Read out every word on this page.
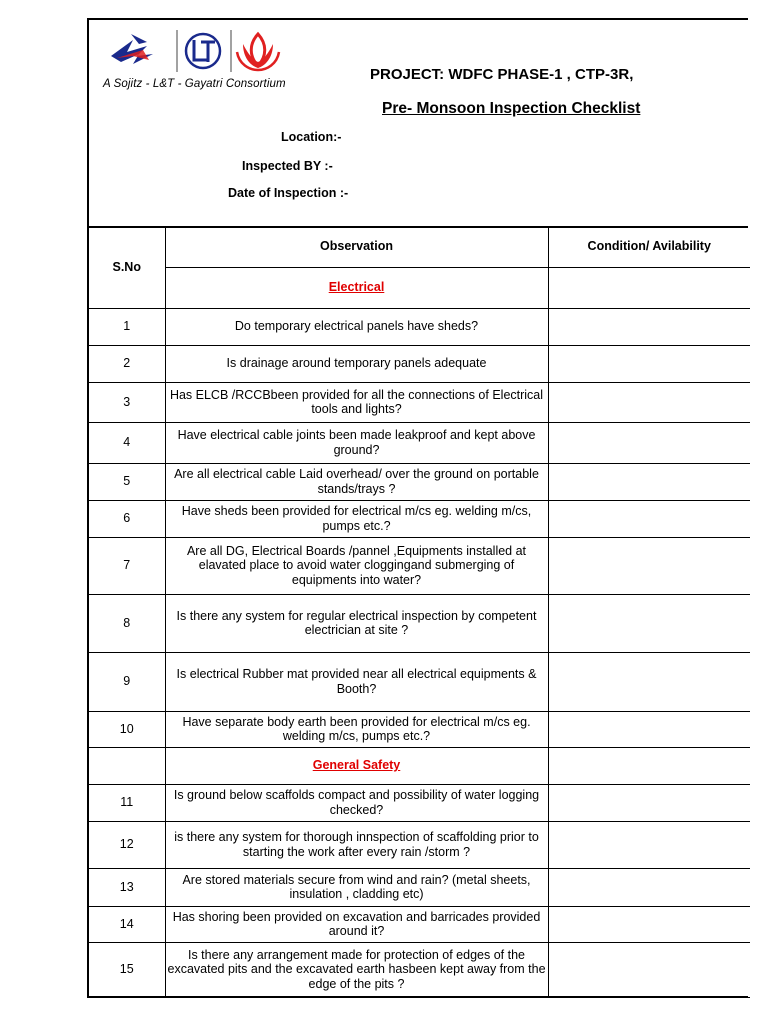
A Sojitz - L&T - Gayatri Consortium
PROJECT: WDFC PHASE-1 , CTP-3R,
Pre- Monsoon Inspection Checklist
Location:-
Inspected BY :-
Date of Inspection :-
S.No	Observation	Condition/ Avilability
	Electrical	
1	Do temporary electrical panels have sheds?	
2	Is drainage around temporary panels adequate	
3	Has ELCB /RCCBbeen provided for all the connections of Electrical tools and lights?	
4	Have electrical cable joints been made leakproof and kept above ground?	
5	Are all electrical cable Laid overhead/ over the ground on portable stands/trays ?	
6	Have sheds been provided for electrical m/cs eg. welding m/cs, pumps etc.?	
7	Are all DG, Electrical Boards /pannel ,Equipments installed at elavated place to avoid water cloggingand submerging of equipments into water?	
8	Is there any system for regular electrical inspection by competent electrician at site ?	
9	Is electrical Rubber mat provided near all electrical equipments & Booth?	
10	Have separate body earth been provided for electrical m/cs eg. welding m/cs, pumps etc.?	
	General Safety	
11	Is ground below scaffolds compact and possibility of water logging checked?	
12	is there any system for thorough innspection of scaffolding prior to starting the work after every rain /storm ?	
13	Are stored materials secure from wind and rain? (metal sheets, insulation , cladding etc)	
14	Has shoring been provided on excavation and barricades provided around it?	
15	Is there any arrangement made for protection of edges of the excavated pits and the excavated earth hasbeen kept away from the edge of the pits ?	
